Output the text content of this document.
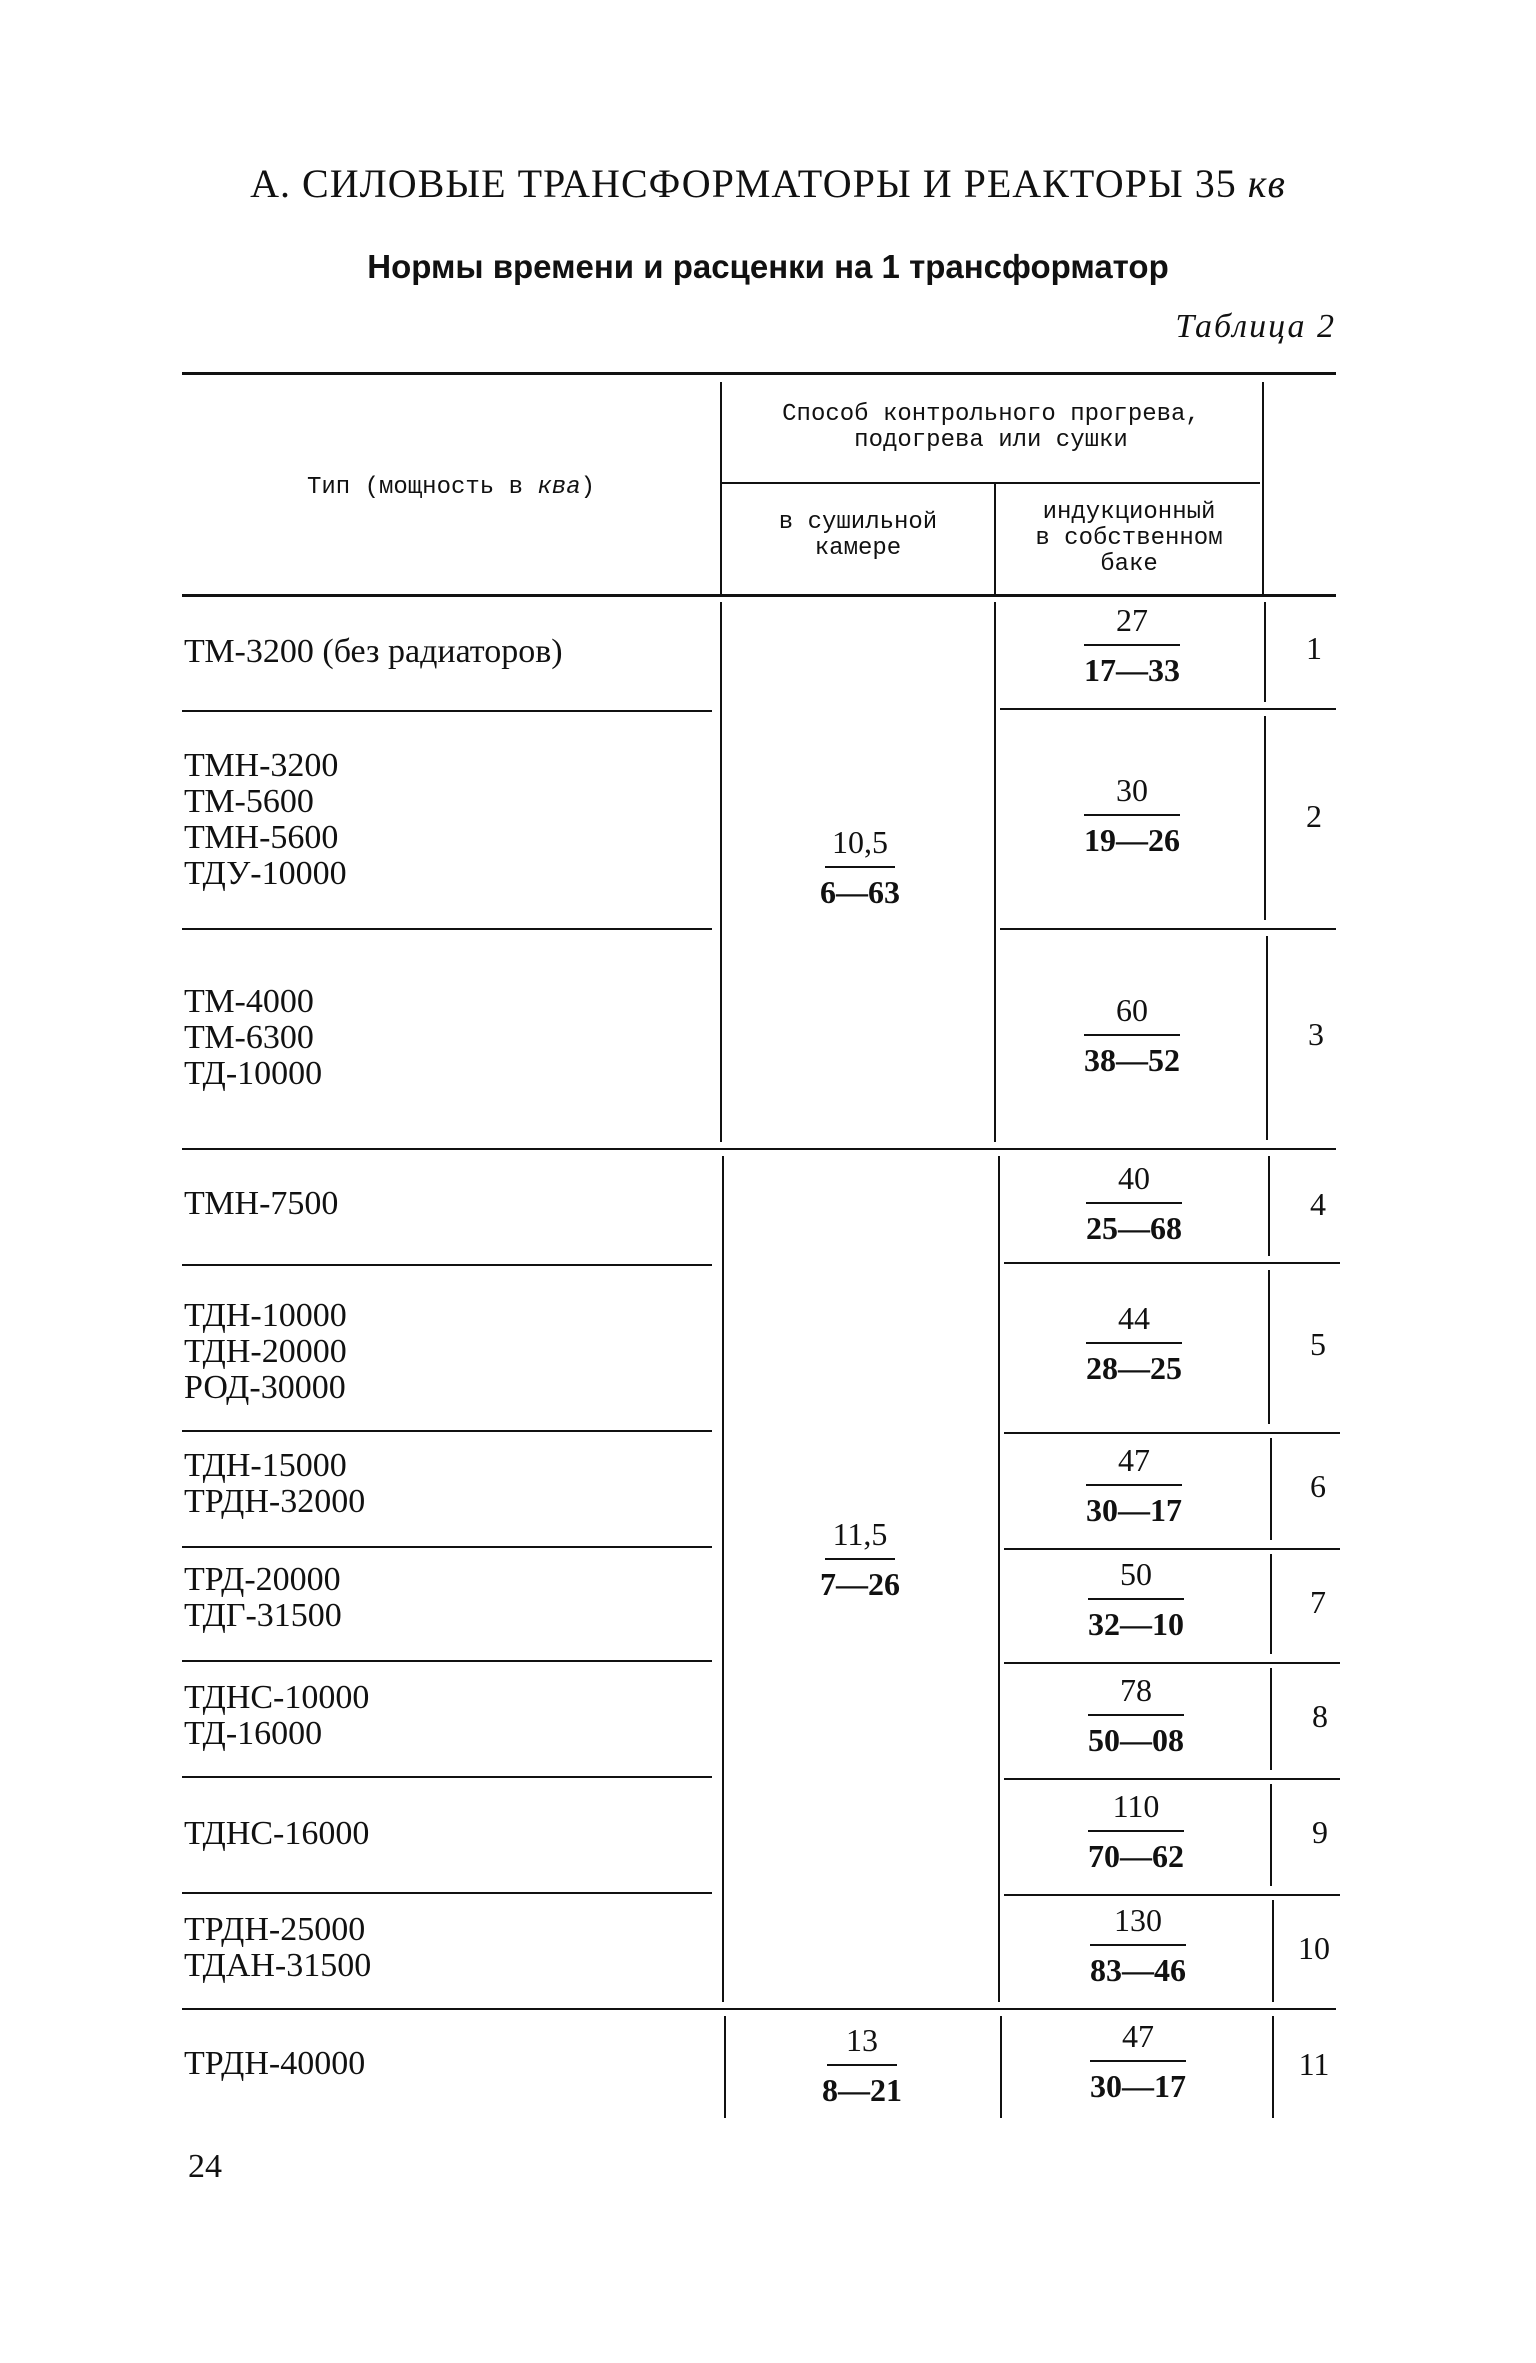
А. СИЛОВЫЕ ТРАНСФОРМАТОРЫ И РЕАКТОРЫ 35 кв
Нормы времени и расценки на 1 трансформатор
Таблица 2
Тип (мощность в ква)
Способ контрольного прогрева,
подогрева или сушки
в сушильной
камере
индукционный
в собственном
баке
10,5
6—63
11,5
7—26
13
8—21
ТМ-3200 (без радиаторов)
27
17—33
1
ТМН-3200
ТМ-5600
ТМН-5600
ТДУ-10000
30
19—26
2
ТМ-4000
ТМ-6300
ТД-10000
60
38—52
3
ТМН-7500
40
25—68
4
ТДН-10000
ТДН-20000
РОД-30000
44
28—25
5
ТДН-15000
ТРДН-32000
47
30—17
6
ТРД-20000
ТДГ-31500
50
32—10
7
ТДНС-10000
ТД-16000
78
50—08
8
ТДНС-16000
110
70—62
9
ТРДН-25000
ТДАН-31500
130
83—46
10
ТРДН-40000
47
30—17
11
24
